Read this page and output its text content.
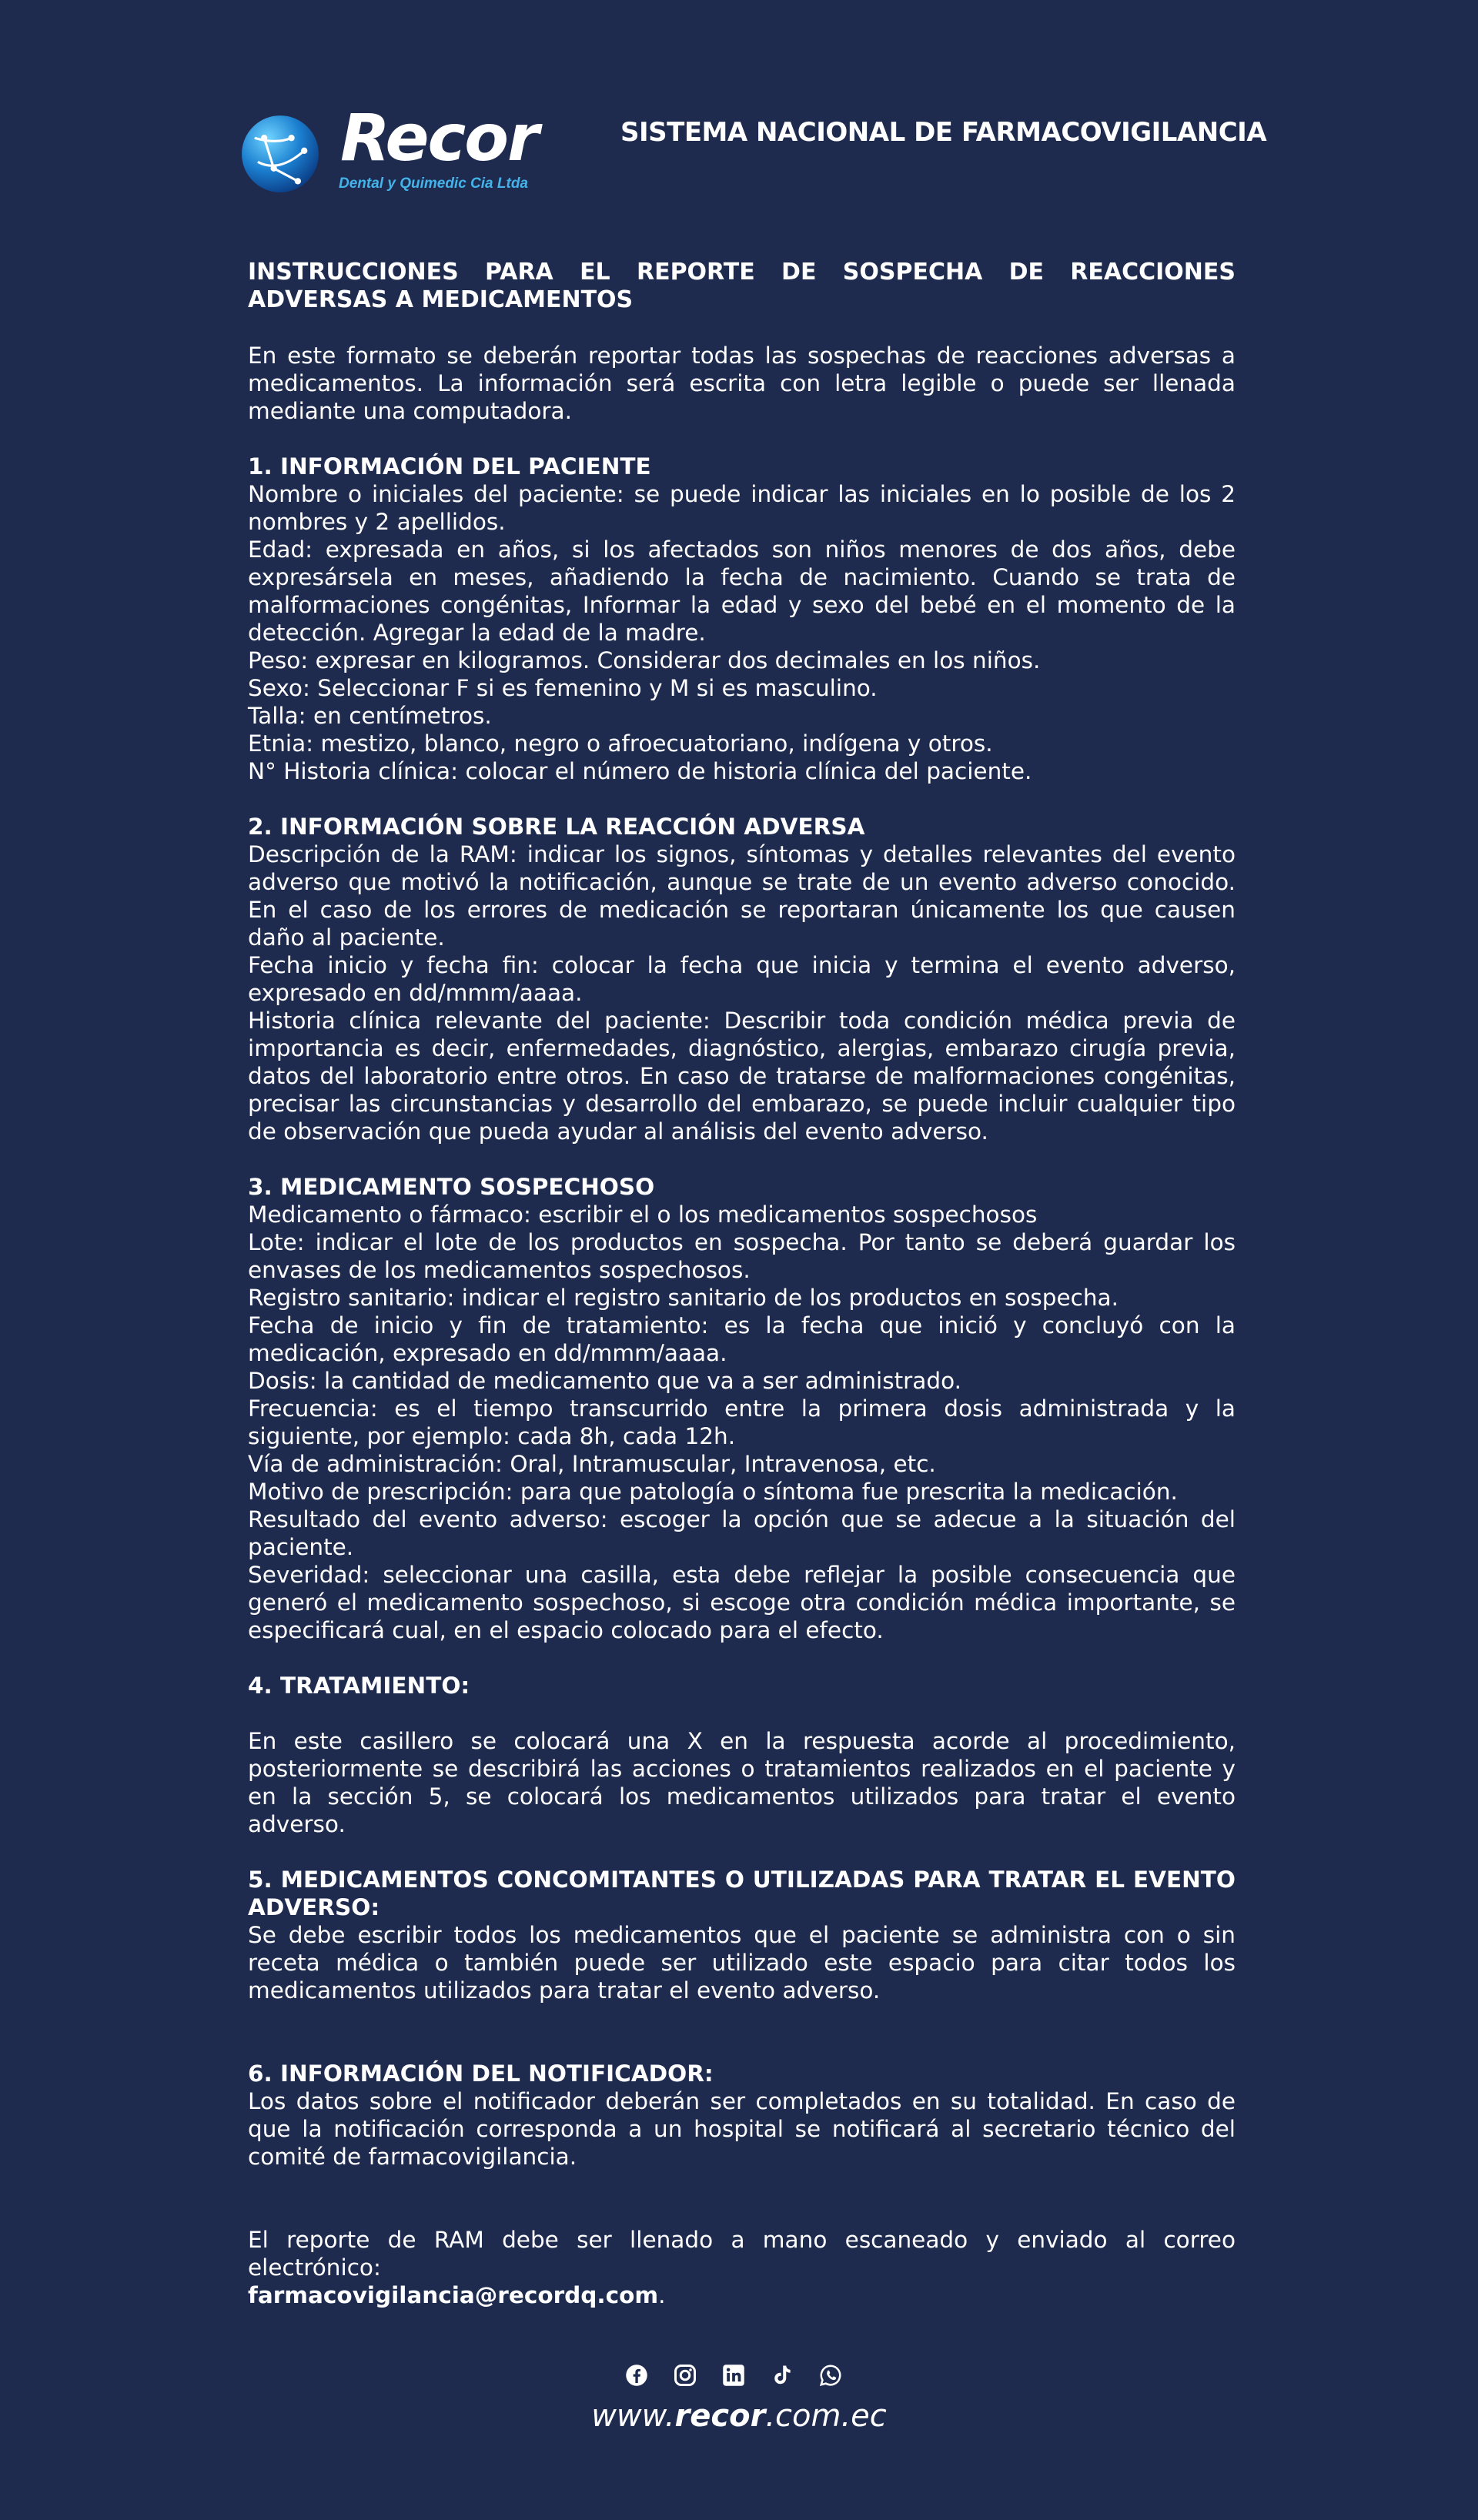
Recor
Dental y Quimedic Cia Ltda
SISTEMA NACIONAL DE FARMACOVIGILANCIA
INSTRUCCIONES PARA EL REPORTE DE SOSPECHA DE REACCIONES ADVERSAS A MEDICAMENTOS

En este formato se deberán reportar todas las sospechas de reacciones adversas a medicamentos. La información será escrita con letra legible o puede ser llenada mediante una computadora.

1. INFORMACIÓN DEL PACIENTE

Nombre o iniciales del paciente: se puede indicar las iniciales en lo posible de los 2 nombres y 2 apellidos.

Edad: expresada en años, si los afectados son niños menores de dos años, debe expresársela en meses, añadiendo la fecha de nacimiento. Cuando se trata de malformaciones congénitas, Informar la edad y sexo del bebé en el momento de la detección. Agregar la edad de la madre.

Peso: expresar en kilogramos. Considerar dos decimales en los niños.

Sexo: Seleccionar F si es femenino y M si es masculino.

Talla: en centímetros.

Etnia: mestizo, blanco, negro o afroecuatoriano, indígena y otros.

N° Historia clínica: colocar el número de historia clínica del paciente.

2. INFORMACIÓN SOBRE LA REACCIÓN ADVERSA

Descripción de la RAM: indicar los signos, síntomas y detalles relevantes del evento adverso que motivó la notificación, aunque se trate de un evento adverso conocido. En el caso de los errores de medicación se reportaran únicamente los que causen daño al paciente.

Fecha inicio y fecha fin: colocar la fecha que inicia y termina el evento adverso, expresado en dd/mmm/aaaa.

Historia clínica relevante del paciente: Describir toda condición médica previa de importancia es decir, enfermedades, diagnóstico, alergias, embarazo cirugía previa, datos del laboratorio entre otros. En caso de tratarse de malformaciones congénitas, precisar las circunstancias y desarrollo del embarazo, se puede incluir cualquier tipo de observación que pueda ayudar al análisis del evento adverso.

3. MEDICAMENTO SOSPECHOSO

Medicamento o fármaco: escribir el o los medicamentos sospechosos

Lote: indicar el lote de los productos en sospecha. Por tanto se deberá guardar los envases de los medicamentos sospechosos.

Registro sanitario: indicar el registro sanitario de los productos en sospecha.

Fecha de inicio y fin de tratamiento: es la fecha que inició y concluyó con la medicación, expresado en dd/mmm/aaaa.

Dosis: la cantidad de medicamento que va a ser administrado.

Frecuencia: es el tiempo transcurrido entre la primera dosis administrada y la siguiente, por ejemplo: cada 8h, cada 12h.

Vía de administración: Oral, Intramuscular, Intravenosa, etc.

Motivo de prescripción: para que patología o síntoma fue prescrita la medicación.

Resultado del evento adverso: escoger la opción que se adecue a la situación del paciente.

Severidad: seleccionar una casilla, esta debe reflejar la posible consecuencia que generó el medicamento sospechoso, si escoge otra condición médica importante, se especificará cual, en el espacio colocado para el efecto.

4. TRATAMIENTO:

En este casillero se colocará una X en la respuesta acorde al procedimiento, posteriormente se describirá las acciones o tratamientos realizados en el paciente y en la sección 5, se colocará los medicamentos utilizados para tratar el evento adverso.

5. MEDICAMENTOS CONCOMITANTES O UTILIZADAS PARA TRATAR EL EVENTO ADVERSO:

Se debe escribir todos los medicamentos que el paciente se administra con o sin receta médica o también puede ser utilizado este espacio para citar todos los medicamentos utilizados para tratar el evento adverso.

6. INFORMACIÓN DEL NOTIFICADOR:

Los datos sobre el notificador deberán ser completados en su totalidad. En caso de que la notificación corresponda a un hospital se notificará al secretario técnico del comité de farmacovigilancia.

El reporte de RAM debe ser llenado a mano escaneado y enviado al correo electrónico:
farmacovigilancia@recordq.com.

www.recor.com.ec
